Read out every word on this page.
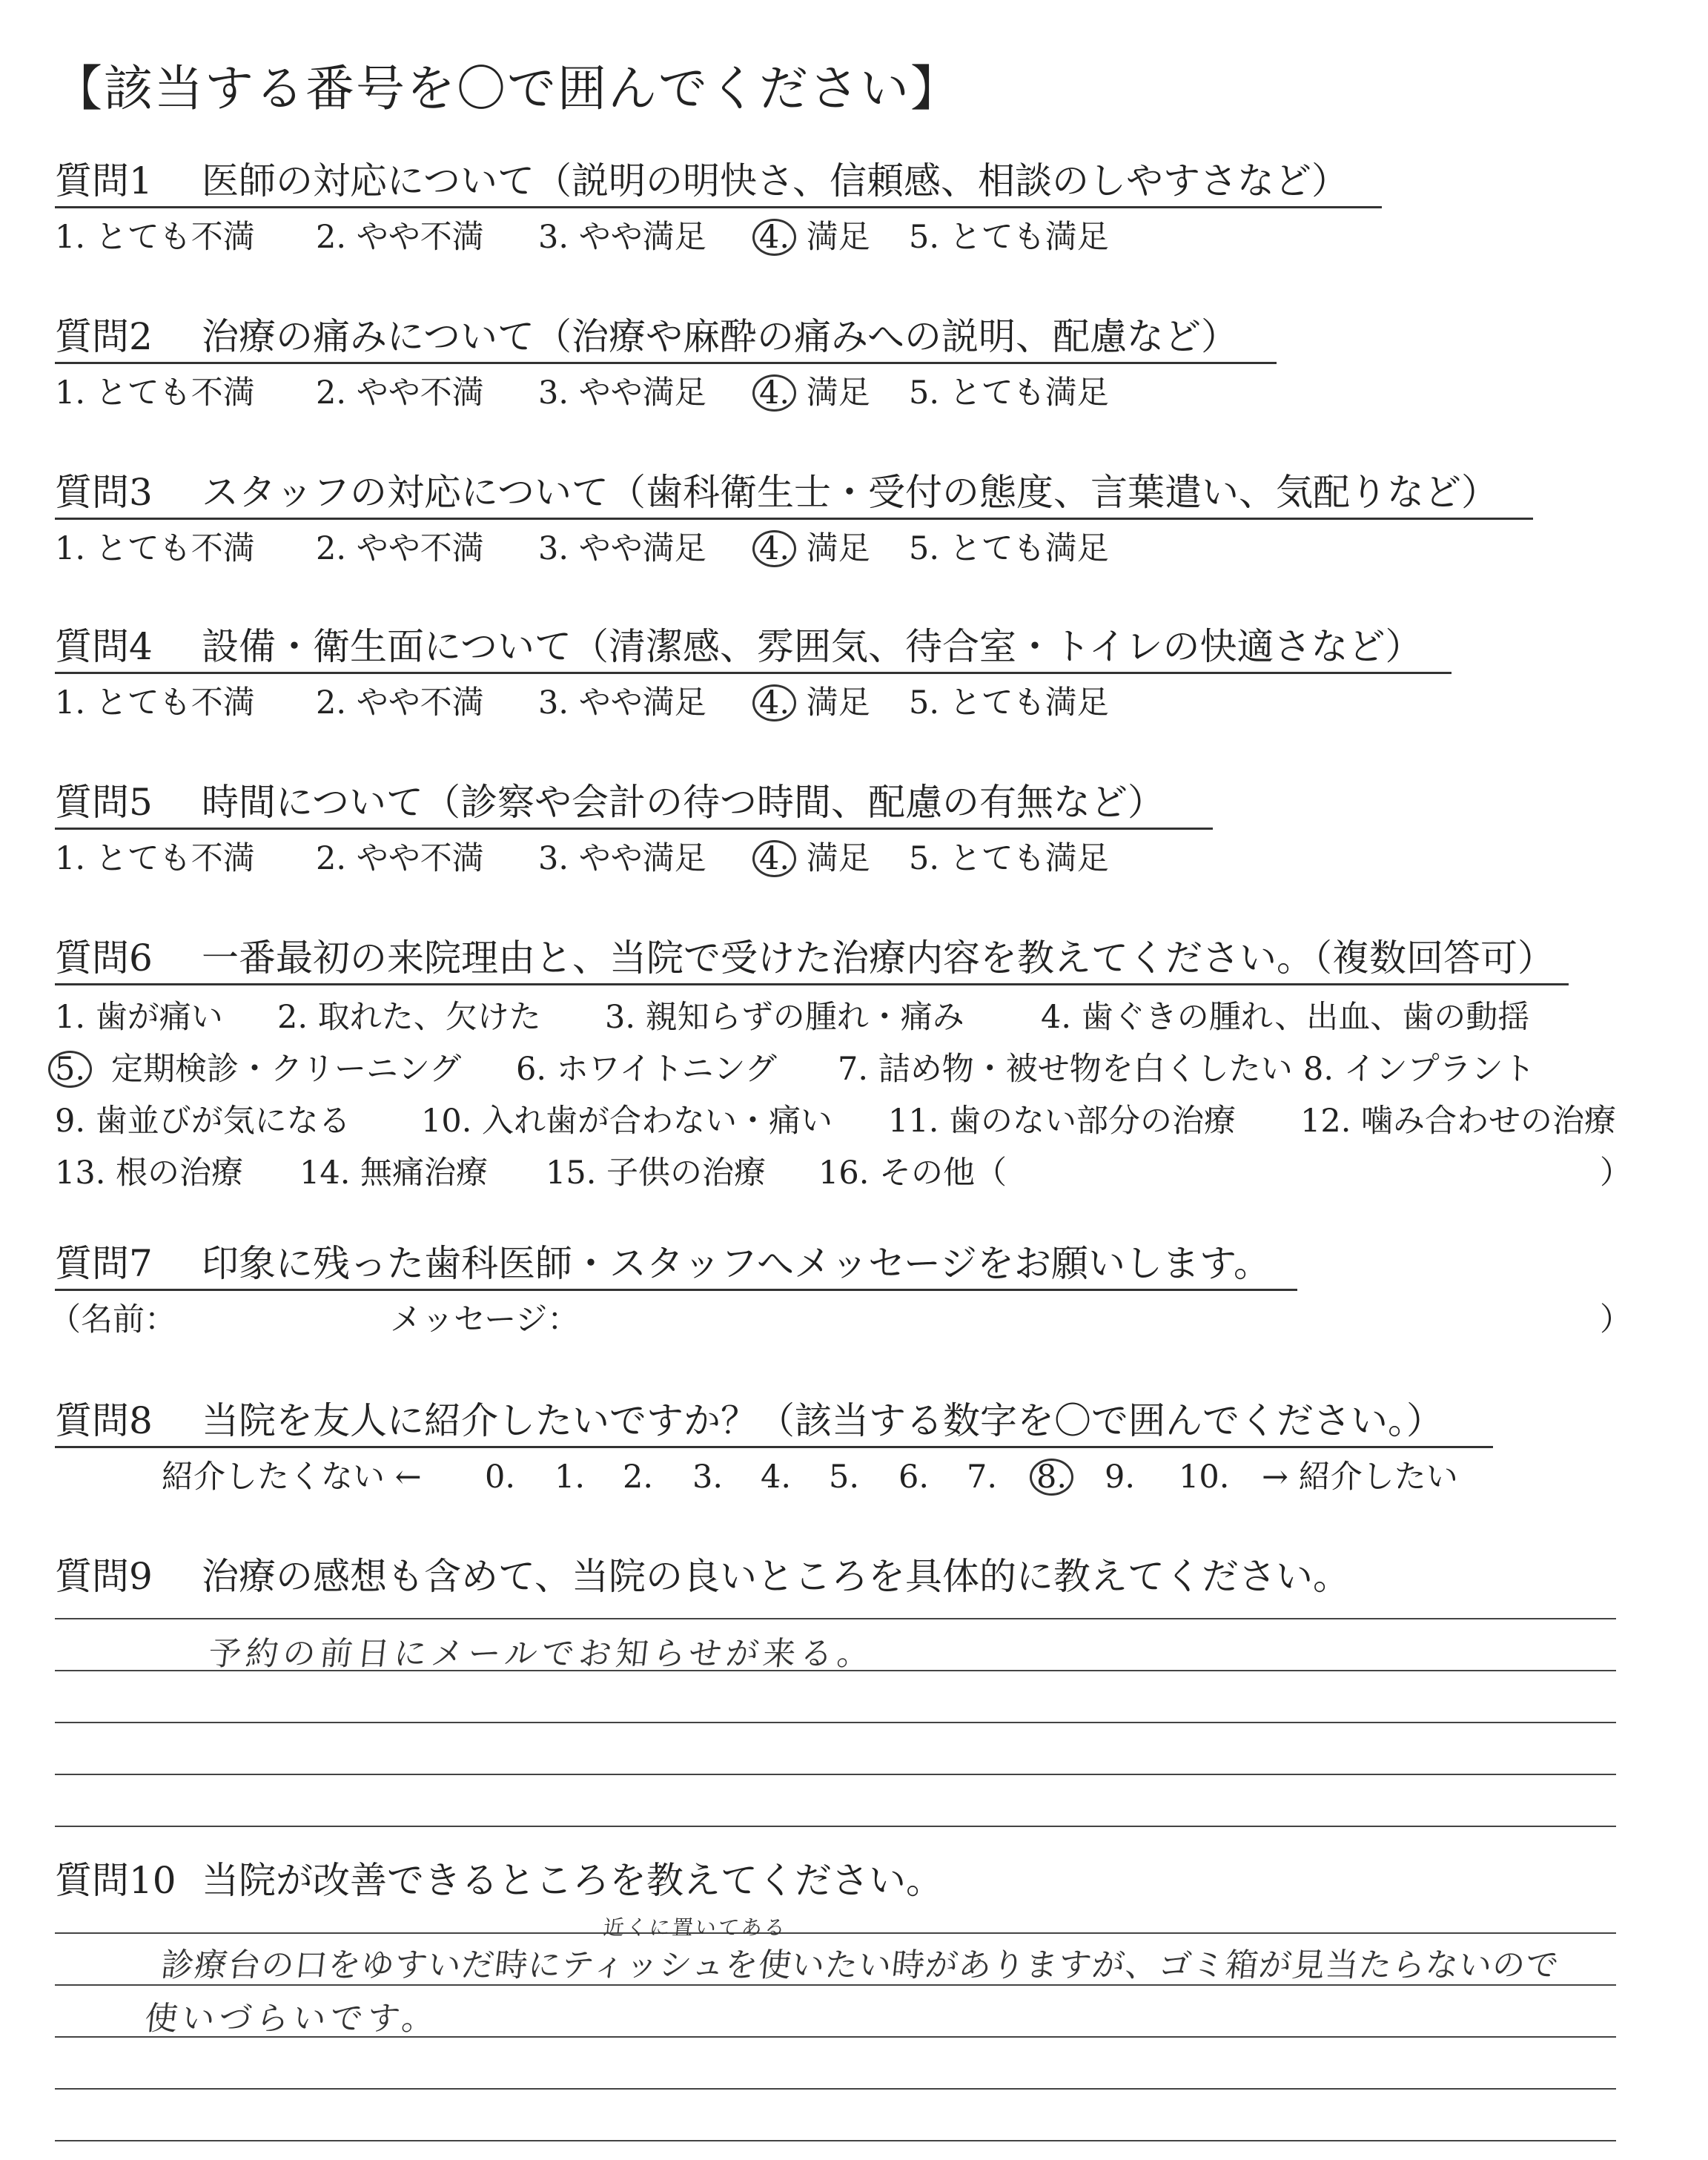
【該当する番号を〇で囲んでください】
質問1 医師の対応について（説明の明快さ、信頼感、相談のしやすさなど）
1. とても不満 2. やや不満 3. やや満足 4. 満足 5. とても満足
質問2 治療の痛みについて（治療や麻酔の痛みへの説明、配慮など）
1. とても不満 2. やや不満 3. やや満足 4. 満足 5. とても満足
質問3 スタッフの対応について（歯科衛生士・受付の態度、言葉遣い、気配りなど）
1. とても不満 2. やや不満 3. やや満足 4. 満足 5. とても満足
質問4 設備・衛生面について（清潔感、雰囲気、待合室・トイレの快適さなど）
1. とても不満 2. やや不満 3. やや満足 4. 満足 5. とても満足
質問5 時間について（診察や会計の待つ時間、配慮の有無など）
1. とても不満 2. やや不満 3. やや満足 4. 満足 5. とても満足
質問6 一番最初の来院理由と、当院で受けた治療内容を教えてください。（複数回答可）
1. 歯が痛い 2. 取れた、欠けた 3. 親知らずの腫れ・痛み 4. 歯ぐきの腫れ、出血、歯の動揺
5. 定期検診・クリーニング 6. ホワイトニング 7. 詰め物・被せ物を白くしたい 8. インプラント
9. 歯並びが気になる 10. 入れ歯が合わない・痛い 11. 歯のない部分の治療 12. 噛み合わせの治療
13. 根の治療 14. 無痛治療 15. 子供の治療 16. その他（	）
質問7 印象に残った歯科医師・スタッフへメッセージをお願いします。
（名前：	メッセージ：	）
質問8 当院を友人に紹介したいですか？（該当する数字を〇で囲んでください。）
紹介したくない ← 0. 1. 2. 3. 4. 5. 6. 7. 8. 9. 10. → 紹介したい
質問9 治療の感想も含めて、当院の良いところを具体的に教えてください。
予約の前日にメールでお知らせが来る。
質問10 当院が改善できるところを教えてください。
近くに置いてある
診療台の口をゆすいだ時にティッシュを使いたい時がありますが、ゴミ箱が見当たらないので
使いづらいです。
